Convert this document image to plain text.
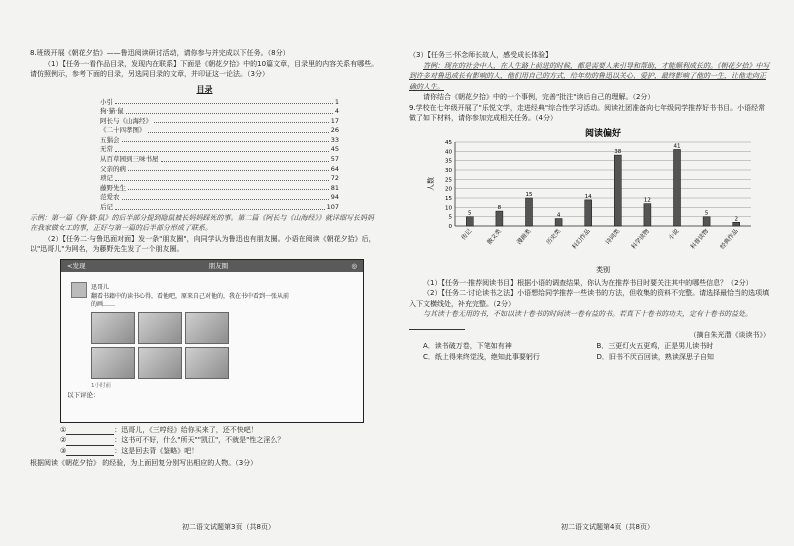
8.班级开展《朝花夕拾》——鲁迅阅读研讨活动，请你参与并完成以下任务。（8分）

（1）【任务一·看作品目录，发现内在联系】下面是《朝花夕拾》中的10篇文章，目录里的内容关系有哪些。请仿照例示，参考下面的目录，另选同目录的文章，并印证这一论法。（3分）

目录
小引	1
狗·猫·鼠	4
阿长与《山海经》	17
《二十四孝图》	26
五猖会	33
无常	45
从百草园到三味书屋	57
父亲的病	64
琐记	72
藤野先生	81
范爱农	94
后记	107

示例：第一篇《狗·猫·鼠》的后半部分提到隐鼠被长妈妈踩死的事。第二篇《阿长与《山海经》》就详细写长妈妈在我家做女工的事，正好与第一篇的后半部分形成了联系。

（2）【任务二·与鲁迅面对面】发一条"朋友圈"，向同学认为鲁迅也有朋友圈。小语在阅读《朝花夕拾》后，以"迅哥儿"为网名，为藤野先生发了一个朋友圈。

<发现	朋友圈	◎
迅哥儿
翻看书籍中的读书心得，看他吧，原来自己对他的，我在书中看到一张从前的画……
1小时前
以下评论：

①	：迅哥儿，《三哼经》给你买来了，还不快吧！

②	：这书可不好，什么"所天""凯江"，不就是"性之淫么？

③	：这是回去背《鉴略》吧！

根据阅读《朝花夕拾》 的经验，为上面回复分别写出相应的人物。（3分）

初二语文试题第3页（共8页）

（3）【任务三·怀念师长故人，感受成长体验】

答例：现在的社会中人，在人生路上前进的时候，都是需要人来引导和帮助，才能顺利成长的。《朝花夕拾》中写到许多对鲁迅成长有影响的人，他们用自己的方式，给年幼的鲁迅以关心、爱护，最终影响了他的一生，让他走向正确的人生。

请你结合《朝花夕拾》中的一个事例，完善"批注"读后自己的理解。（2分）

9.学校在七年级开展了"乐悦文学，走进经典"综合性学习活动。阅读社团准备向七年级同学推荐好书书目。小语经常做了如下材料，请你参加完成相关任务。（4分）

阅读偏好
0
5
10
15
20
25
30
35
40
45
人数
5
传记
8
散文类
15
漫画类
4
历史类
14
科幻作品
38
诗词类
12
科学读物
41
小说
5
科普读物
2
经典作品
类别

（1）【任务一·推荐阅读书目】根据小语的调查结果，你认为在推荐书目时要关注其中的哪些信息？（2分）

（2）【任务二·讨论读书之法】小语想给同学推荐一些读书的方法，但收集的资料不完整。请选择最恰当的选项填入下文横线处，补充完整。（2分）

与其读十卷无用的书，不如以读十卷书的时间读一卷有益的书。若真下十卷书的功夫，定有十卷书的益处。

（摘自朱光潜《谈读书》）

A．读书破万卷，下笔如有神	B．三更灯火五更鸡，正是男儿读书时
C．纸上得来终觉浅，绝知此事要躬行	D．旧书不厌百回读，熟读深思子自知
初二语文试题第4页（共8页）
